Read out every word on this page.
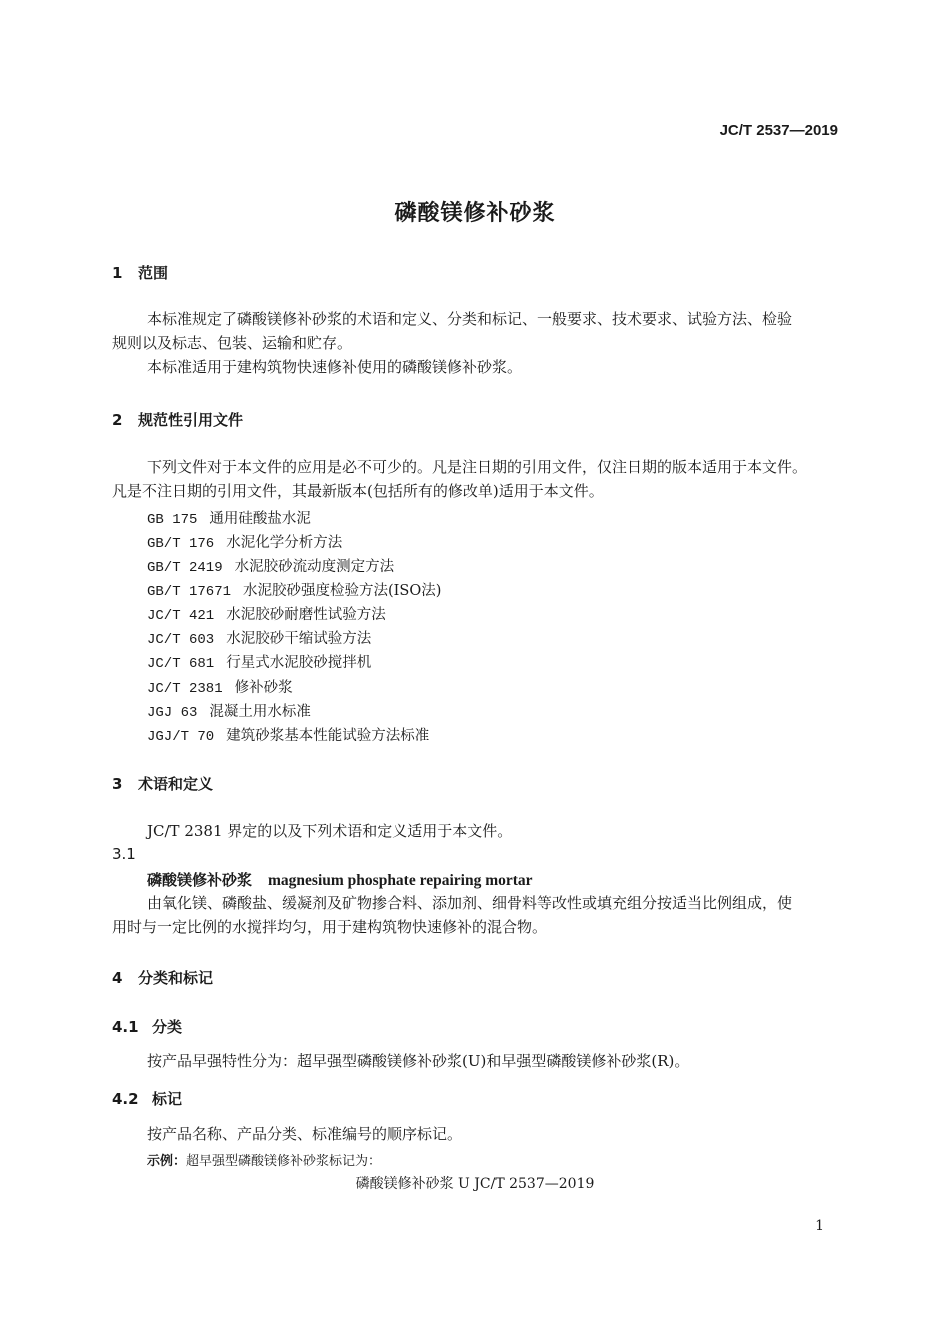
JC/T 2537—2019
磷酸镁修补砂浆
1 范围
本标准规定了磷酸镁修补砂浆的术语和定义、分类和标记、一般要求、技术要求、试验方法、检验
规则以及标志、包装、运输和贮存。
本标准适用于建构筑物快速修补使用的磷酸镁修补砂浆。
2 规范性引用文件
下列文件对于本文件的应用是必不可少的。凡是注日期的引用文件，仅注日期的版本适用于本文件。
凡是不注日期的引用文件，其最新版本(包括所有的修改单)适用于本文件。
GB 175 通用硅酸盐水泥
GB/T 176 水泥化学分析方法
GB/T 2419 水泥胶砂流动度测定方法
GB/T 17671 水泥胶砂强度检验方法(ISO法)
JC/T 421 水泥胶砂耐磨性试验方法
JC/T 603 水泥胶砂干缩试验方法
JC/T 681 行星式水泥胶砂搅拌机
JC/T 2381 修补砂浆
JGJ 63 混凝土用水标准
JGJ/T 70 建筑砂浆基本性能试验方法标准
3 术语和定义
JC/T 2381 界定的以及下列术语和定义适用于本文件。
3.1
磷酸镁修补砂浆 magnesium phosphate repairing mortar
由氧化镁、磷酸盐、缓凝剂及矿物掺合料、添加剂、细骨料等改性或填充组分按适当比例组成，使
用时与一定比例的水搅拌均匀，用于建构筑物快速修补的混合物。
4 分类和标记
4.1 分类
按产品早强特性分为：超早强型磷酸镁修补砂浆(U)和早强型磷酸镁修补砂浆(R)。
4.2 标记
按产品名称、产品分类、标准编号的顺序标记。
示例：超早强型磷酸镁修补砂浆标记为：
磷酸镁修补砂浆 U JC/T 2537—2019
1
